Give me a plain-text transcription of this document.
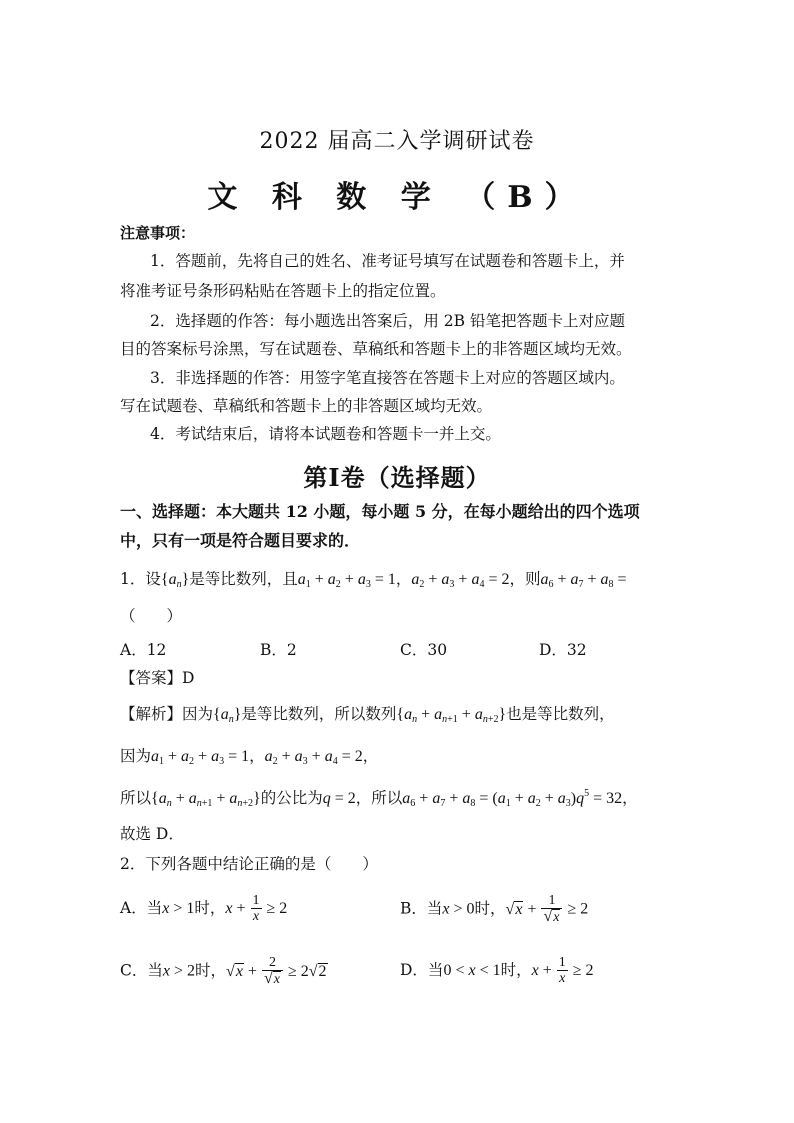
2022 届高二入学调研试卷
文 科 数 学 （B）
注意事项：
1．答题前，先将自己的姓名、准考证号填写在试题卷和答题卡上，并
将准考证号条形码粘贴在答题卡上的指定位置。
2．选择题的作答：每小题选出答案后，用 2B 铅笔把答题卡上对应题
目的答案标号涂黑，写在试题卷、草稿纸和答题卡上的非答题区域均无效。
3．非选择题的作答：用签字笔直接答在答题卡上对应的答题区域内。
写在试题卷、草稿纸和答题卡上的非答题区域均无效。
4．考试结束后，请将本试题卷和答题卡一并上交。
第Ⅰ卷（选择题）
一、选择题：本大题共 12 小题，每小题 5 分，在每小题给出的四个选项
中，只有一项是符合题目要求的．
1．设$\{a_n\}$是等比数列，且$a_1 + a_2 + a_3 = 1$，$a_2 + a_3 + a_4 = 2$，则$a_6 + a_7 + a_8$ =
（　　）
A．12	B．2	C．30	D．32
【答案】D
【解析】因为$\{a_n\}$是等比数列，所以数列$\{a_n + a_{n+1} + a_{n+2}\}$也是等比数列，
因为$a_1 + a_2 + a_3 = 1$，$a_2 + a_3 + a_4 = 2$，
所以$\{a_n + a_{n+1} + a_{n+2}\}$的公比为q = 2，所以$a_6 + a_7 + a_8 = (a_1 + a_2 + a_3)q^5 = 32$，
故选 D．
2．下列各题中结论正确的是（　　）
A．当x > 1时，$x + \frac{1}{x} \ge 2$	B．当x > 0时，$√x + \frac{1}{√x} \ge 2$
C．当x > 2时，$√x + \frac{2}{√x} \ge 2√2$	D．当0 < x < 1时，$x + \frac{1}{x} \ge 2$
